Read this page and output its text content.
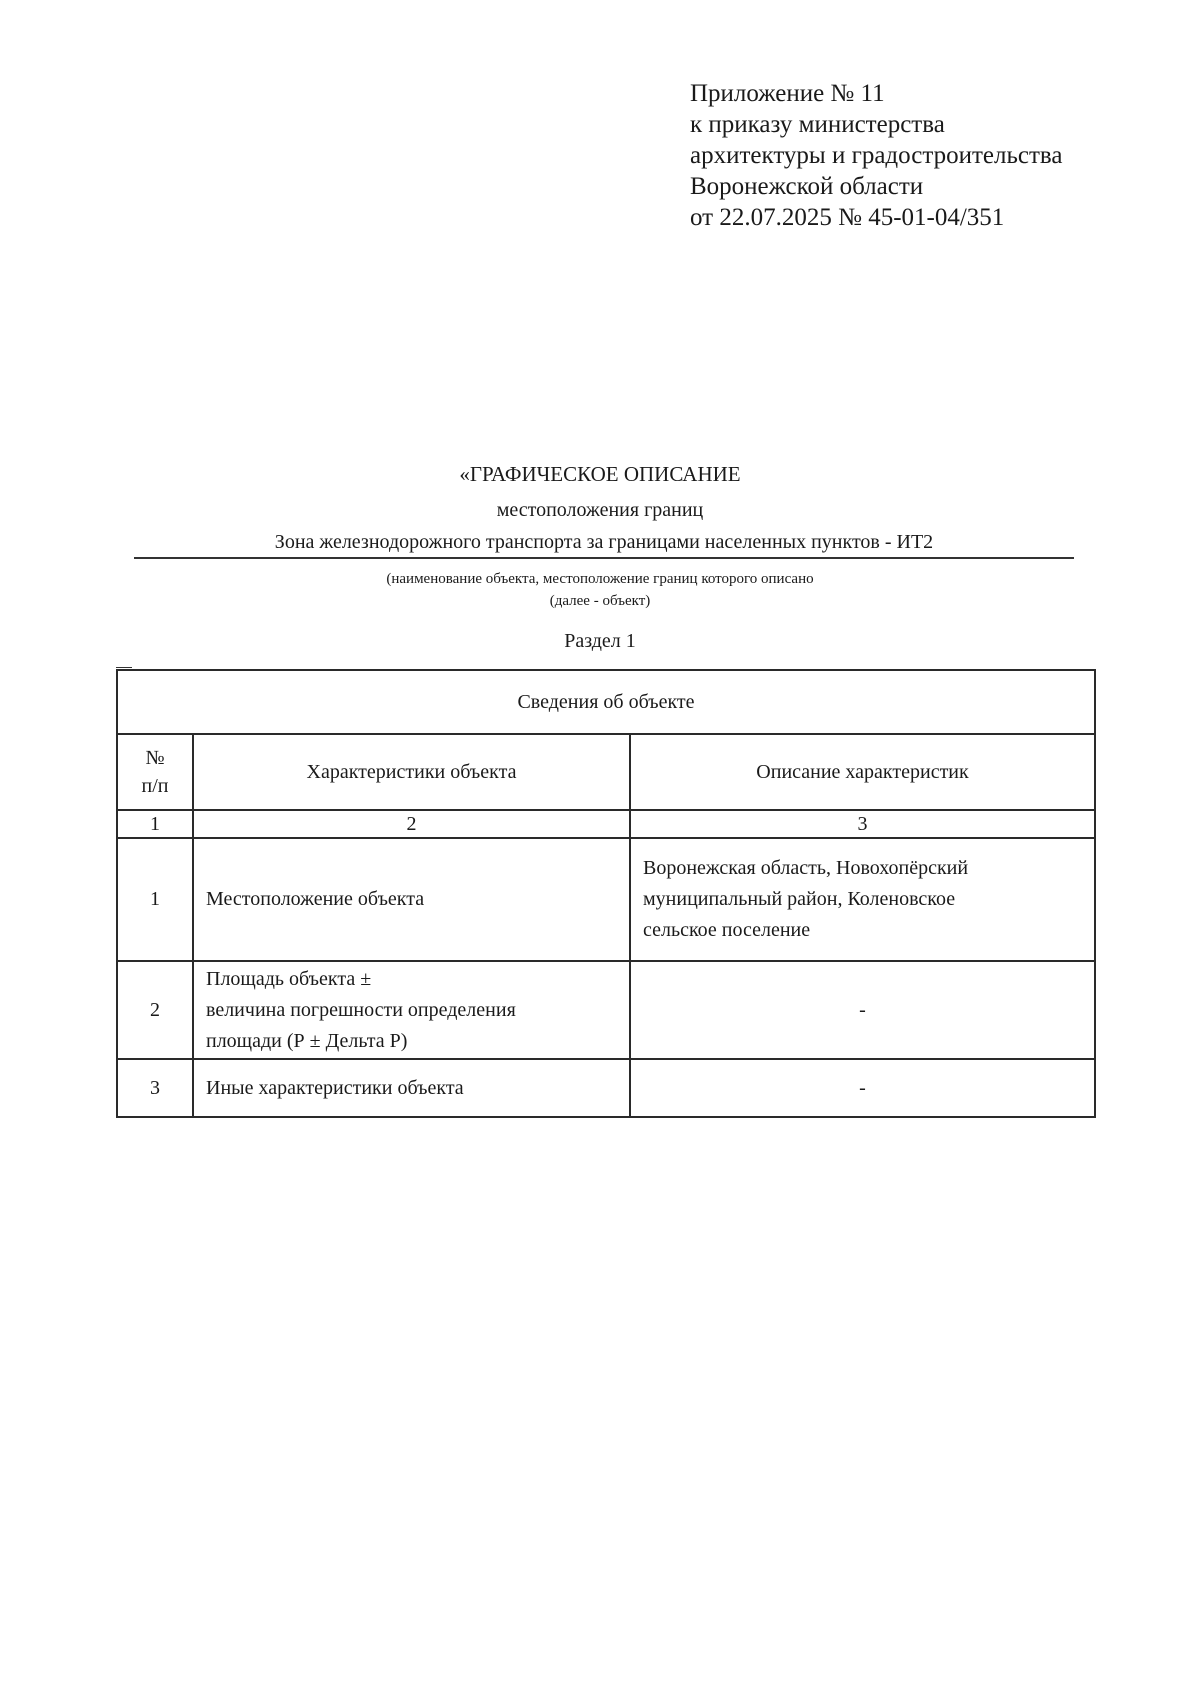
Приложение № 11
к приказу министерства
архитектуры и градостроительства
Воронежской области
от 22.07.2025 № 45-01-04/351
«ГРАФИЧЕСКОЕ ОПИСАНИЕ
местоположения границ
Зона железнодорожного транспорта за границами населенных пунктов - ИТ2
(наименование объекта, местоположение границ которого описано
(далее - объект)
Раздел 1
Сведения об объекте		

№
п/п	Характеристики объекта	Описание характеристик
1	2	3
1	Местоположение объекта	Воронежская область, Новохопёрский
муниципальный район, Коленовское
сельское поселение

2	Площадь объекта ±
величина погрешности определения
площади (Р ± Дельта Р)	-

3	Иные характеристики объекта	-
